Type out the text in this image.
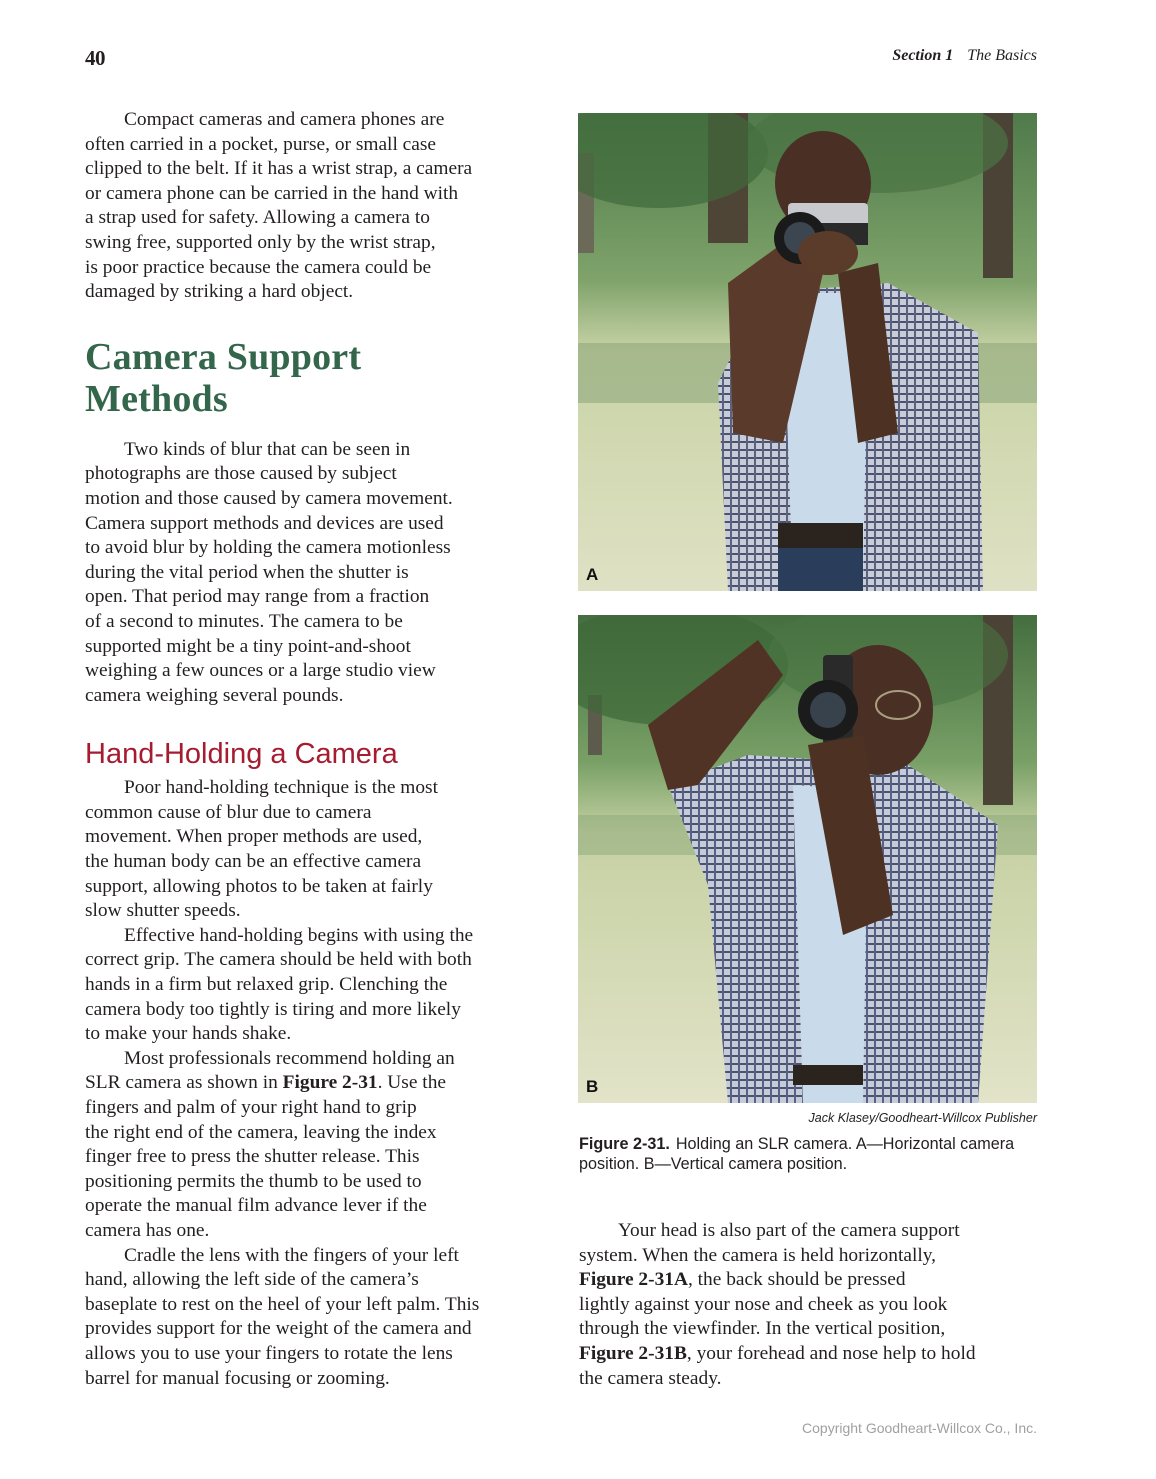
40	Section 1 The Basics

Compact cameras and camera phones are
often carried in a pocket, purse, or small case
clipped to the belt. If it has a wrist strap, a camera
or camera phone can be carried in the hand with
a strap used for safety. Allowing a camera to
swing free, supported only by the wrist strap,
is poor practice because the camera could be
damaged by striking a hard object.

Camera Support
Methods

Two kinds of blur that can be seen in
photographs are those caused by subject
motion and those caused by camera movement.
Camera support methods and devices are used
to avoid blur by holding the camera motionless
during the vital period when the shutter is
open. That period may range from a fraction
of a second to minutes. The camera to be
supported might be a tiny point-and-shoot
weighing a few ounces or a large studio view
camera weighing several pounds.

Hand-Holding a Camera

Poor hand-holding technique is the most
common cause of blur due to camera
movement. When proper methods are used,
the human body can be an effective camera
support, allowing photos to be taken at fairly
slow shutter speeds.

Effective hand-holding begins with using the
correct grip. The camera should be held with both
hands in a firm but relaxed grip. Clenching the
camera body too tightly is tiring and more likely
to make your hands shake.

Most professionals recommend holding an
SLR camera as shown in Figure 2-31. Use the
fingers and palm of your right hand to grip
the right end of the camera, leaving the index
finger free to press the shutter release. This
positioning permits the thumb to be used to
operate the manual film advance lever if the
camera has one.

Cradle the lens with the fingers of your left
hand, allowing the left side of the camera’s
baseplate to rest on the heel of your left palm. This
provides support for the weight of the camera and
allows you to use your fingers to rotate the lens
barrel for manual focusing or zooming.

A
B
Jack Klasey/Goodheart-Willcox Publisher
Figure 2-31. Holding an SLR camera. A—Horizontal camera position. B—Vertical camera position.

Your head is also part of the camera support
system. When the camera is held horizontally,
Figure 2-31A, the back should be pressed
lightly against your nose and cheek as you look
through the viewfinder. In the vertical position,
Figure 2-31B, your forehead and nose help to hold
the camera steady.

Copyright Goodheart-Willcox Co., Inc.
